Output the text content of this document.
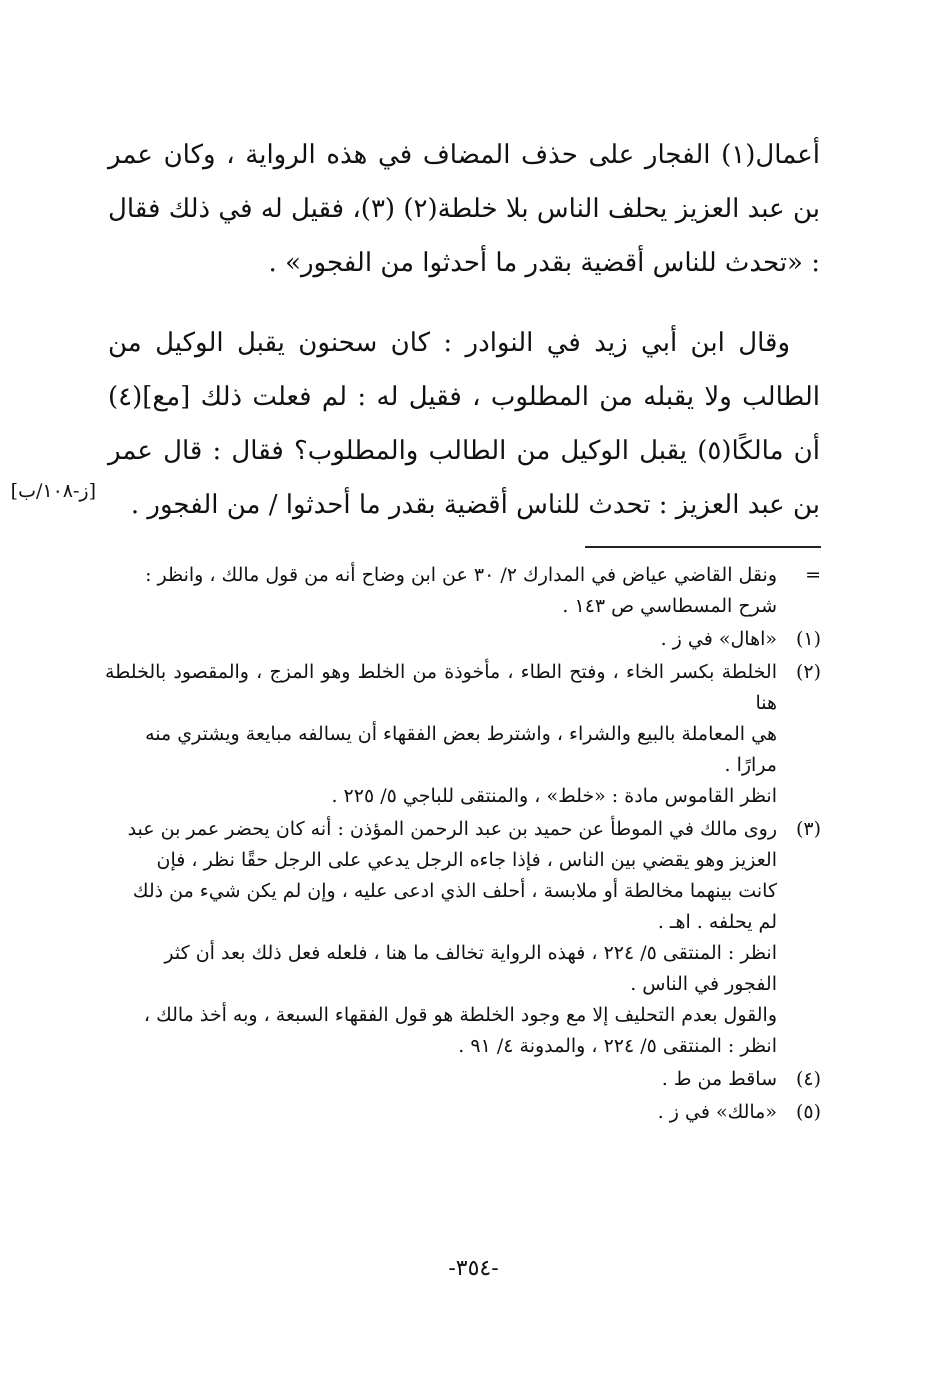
أعمال(١) الفجار على حذف المضاف في هذه الرواية ، وكان عمر بن عبد العزيز يحلف الناس بلا خلطة(٢) (٣)، فقيل له في ذلك فقال : «تحدث للناس أقضية بقدر ما أحدثوا من الفجور» .

وقال ابن أبي زيد في النوادر : كان سحنون يقبل الوكيل من الطالب ولا يقبله من المطلوب ، فقيل له : لم فعلت ذلك [مع](٤) أن مالكًا(٥) يقبل الوكيل من الطالب والمطلوب؟ فقال : قال عمر بن عبد العزيز : تحدث للناس أقضية بقدر ما أحدثوا / من الفجور .

[ز-١٠٨/ب]
=
ونقل القاضي عياض في المدارك ٢/ ٣٠ عن ابن وضاح أنه من قول مالك ، وانظر :
شرح المسطاسي ص ١٤٣ .
(١)
«اهال» في ز .
(٢)
الخلطة بكسر الخاء ، وفتح الطاء ، مأخوذة من الخلط وهو المزج ، والمقصود بالخلطة هنا
هي المعاملة بالبيع والشراء ، واشترط بعض الفقهاء أن يسالفه مبايعة ويشتري منه
مرارًا .
انظر القاموس مادة : «خلط» ، والمنتقى للباجي ٥/ ٢٢٥ .
(٣)
روى مالك في الموطأ عن حميد بن عبد الرحمن المؤذن : أنه كان يحضر عمر بن عبد
العزيز وهو يقضي بين الناس ، فإذا جاءه الرجل يدعي على الرجل حقًا نظر ، فإن
كانت بينهما مخالطة أو ملابسة ، أحلف الذي ادعى عليه ، وإن لم يكن شيء من ذلك
لم يحلفه . اهـ .
انظر : المنتقى ٥/ ٢٢٤ ، فهذه الرواية تخالف ما هنا ، فلعله فعل ذلك بعد أن كثر
الفجور في الناس .
والقول بعدم التحليف إلا مع وجود الخلطة هو قول الفقهاء السبعة ، وبه أخذ مالك ،
انظر : المنتقى ٥/ ٢٢٤ ، والمدونة ٤/ ٩١ .
(٤)
ساقط من ط .
(٥)
«مالك» في ز .
-٣٥٤-
